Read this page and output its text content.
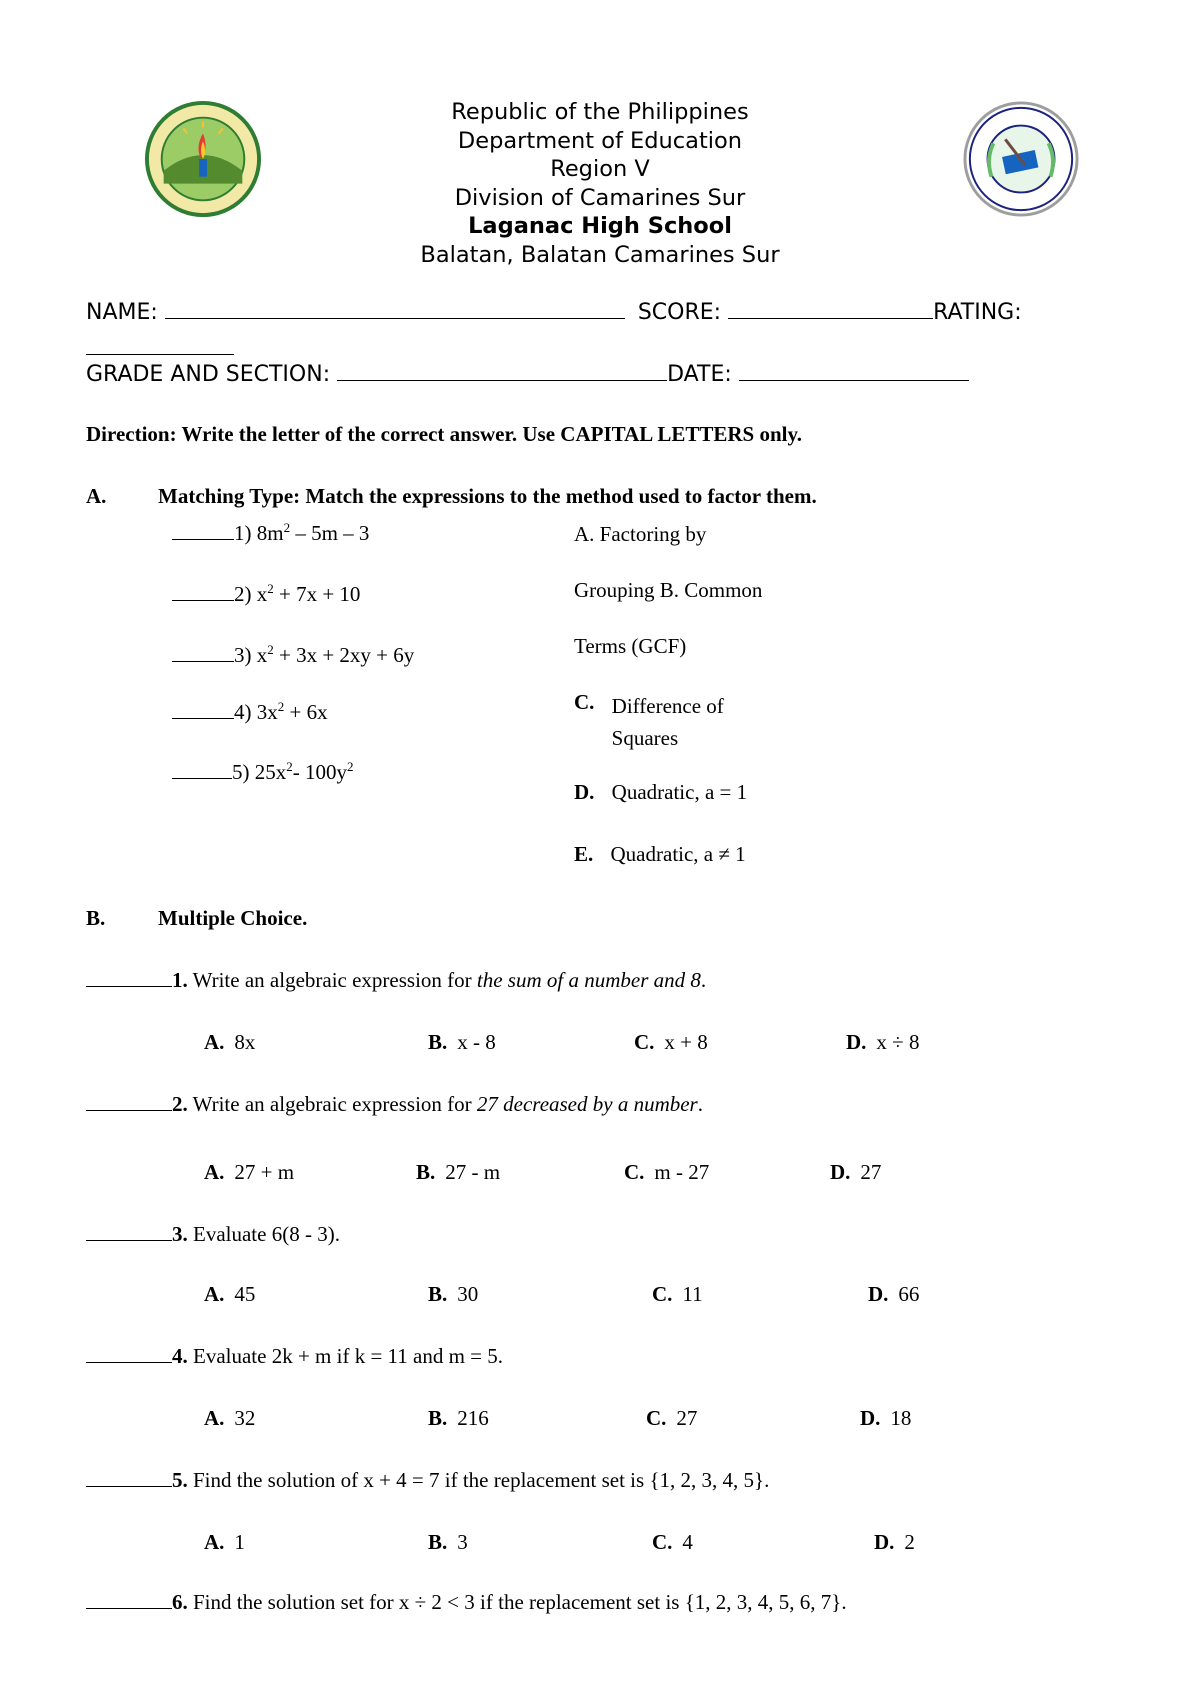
Republic of the Philippines
Department of Education
Region V
Division of Camarines Sur
Laganac High School
Balatan, Balatan Camarines Sur
NAME:	SCORE:	RATING:
GRADE AND SECTION:	DATE:
Direction: Write the letter of the correct answer. Use CAPITAL LETTERS only.
A. Matching Type: Match the expressions to the method used to factor them.
1) $8m^2 - 5m - 3$
2) $x^2 + 7x + 10$
3) $x^2 + 3x + 2xy + 6y$
4) $3x^2 + 6x$
5) $25x^2-$ $100y^2$
A. Factoring by
Grouping B. Common
Terms (GCF)
C. Difference of
Squares
D. Quadratic, a = 1
E. Quadratic, a ≠ 1
B.	Multiple Choice.
1. Write an algebraic expression for the sum of a number and 8.
A. 8x	B. x - 8	C. x + 8	D. x ÷ 8
2. Write an algebraic expression for 27 decreased by a number.
A. 27 + m	B. 27 - m	C. m - 27	D. 27
3. Evaluate 6(8 - 3).
A. 45	B. 30	C. 11	D. 66
4. Evaluate 2k + m if k = 11 and m = 5.
A. 32	B. 216	C. 27	D. 18
5. Find the solution of x + 4 = 7 if the replacement set is {1, 2, 3, 4, 5}.
A. 1	B. 3	C. 4	D. 2
6. Find the solution set for x ÷ 2 < 3 if the replacement set is {1, 2, 3, 4, 5, 6, 7}.
